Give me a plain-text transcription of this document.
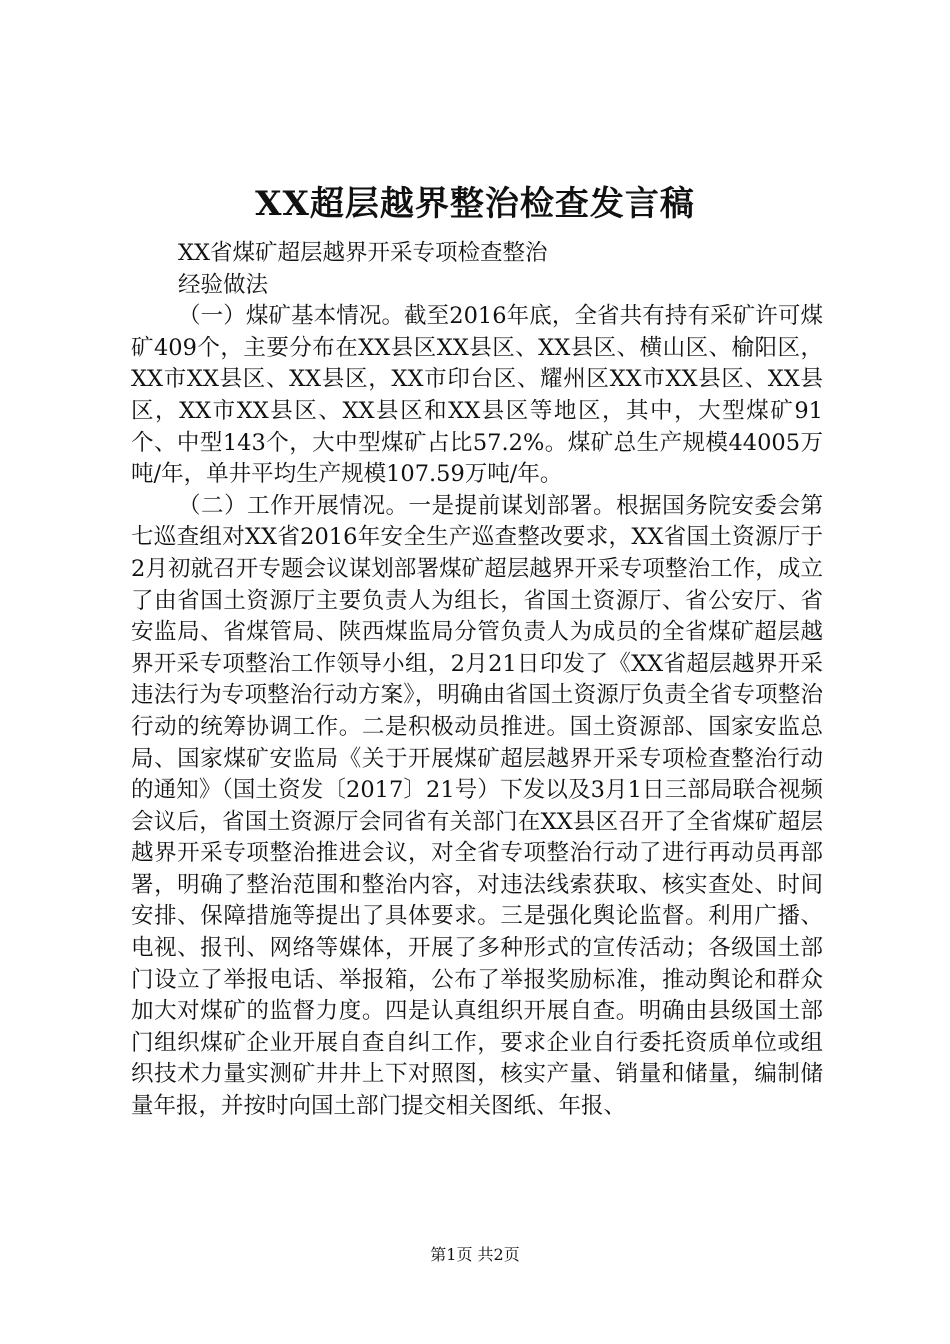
XX超层越界整治检查发言稿

XX省煤矿超层越界开采专项检查整治

经验做法

（一）煤矿基本情况。截至2016年底，全省共有持有采矿许可煤矿409个，主要分布在XX县区XX县区、XX县区、横山区、榆阳区，XX市XX县区、XX县区，XX市印台区、耀州区XX市XX县区、XX县区，XX市XX县区、XX县区和XX县区等地区，其中，大型煤矿91个、中型143个，大中型煤矿占比57.2%。煤矿总生产规模44005万吨/年，单井平均生产规模107.59万吨/年。

（二）工作开展情况。一是提前谋划部署。根据国务院安委会第七巡查组对XX省2016年安全生产巡查整改要求，XX省国土资源厅于2月初就召开专题会议谋划部署煤矿超层越界开采专项整治工作，成立了由省国土资源厅主要负责人为组长，省国土资源厅、省公安厅、省安监局、省煤管局、陕西煤监局分管负责人为成员的全省煤矿超层越界开采专项整治工作领导小组，2月21日印发了《XX省超层越界开采违法行为专项整治行动方案》，明确由省国土资源厅负责全省专项整治行动的统筹协调工作。二是积极动员推进。国土资源部、国家安监总局、国家煤矿安监局《关于开展煤矿超层越界开采专项检查整治行动的通知》（国土资发〔2017〕21号）下发以及3月1日三部局联合视频会议后，省国土资源厅会同省有关部门在XX县区召开了全省煤矿超层越界开采专项整治推进会议，对全省专项整治行动了进行再动员再部署，明确了整治范围和整治内容，对违法线索获取、核实查处、时间安排、保障措施等提出了具体要求。三是强化舆论监督。利用广播、电视、报刊、网络等媒体，开展了多种形式的宣传活动；各级国土部门设立了举报电话、举报箱，公布了举报奖励标准，推动舆论和群众加大对煤矿的监督力度。四是认真组织开展自查。明确由县级国土部门组织煤矿企业开展自查自纠工作，要求企业自行委托资质单位或组织技术力量实测矿井井上下对照图，核实产量、销量和储量，编制储量年报，并按时向国土部门提交相关图纸、年报、

第1页 共2页
